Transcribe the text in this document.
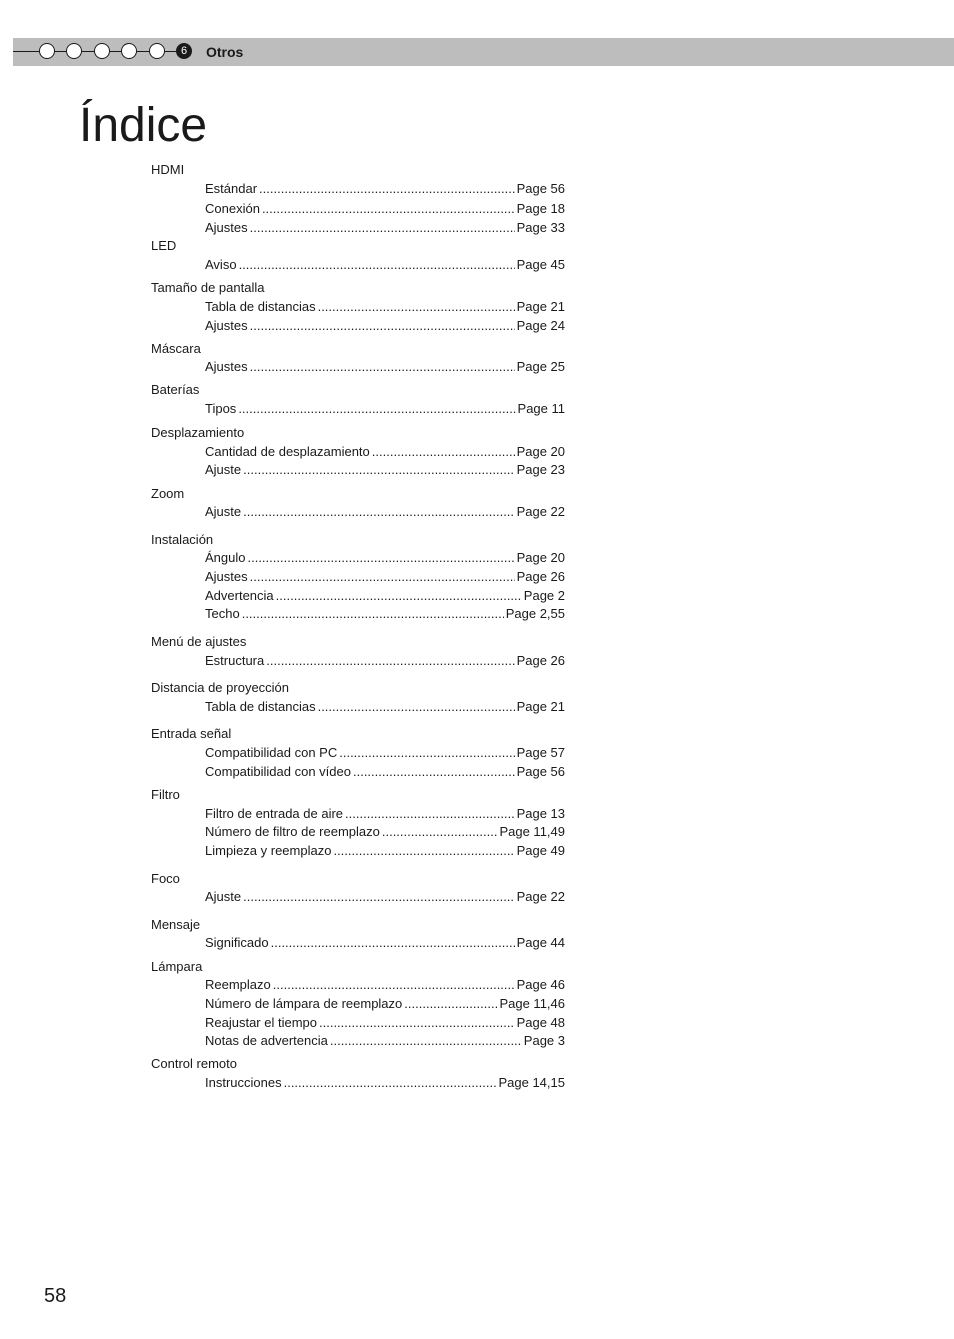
6	Otros
Índice
HDMI
Estándar .....	Page 56
Conexión .....	Page 18
Ajustes .....	Page 33
LED
Aviso .....	Page 45
Tamaño de pantalla
Tabla de distancias .....	Page 21
Ajustes .....	Page 24
Máscara
Ajustes .....	Page 25
Baterías
Tipos .....	Page 11
Desplazamiento
Cantidad de desplazamiento .....	Page 20
Ajuste .....	Page 23
Zoom
Ajuste .....	Page 22
Instalación
Ángulo .....	Page 20
Ajustes .....	Page 26
Advertencia .....	Page 2
Techo .....	Page 2,55
Menú de ajustes
Estructura .....	Page 26
Distancia de proyección
Tabla de distancias .....	Page 21
Entrada señal
Compatibilidad con PC .....	Page 57
Compatibilidad con vídeo .....	Page 56
Filtro
Filtro de entrada de aire .....	Page 13
Número de filtro de reemplazo .....	Page 11,49
Limpieza y reemplazo .....	Page 49
Foco
Ajuste .....	Page 22
Mensaje
Significado .....	Page 44
Lámpara
Reemplazo .....	Page 46
Número de lámpara de reemplazo .....	Page 11,46
Reajustar el tiempo .....	Page 48
Notas de advertencia .....	Page 3
Control remoto
Instrucciones .....	Page 14,15
58
